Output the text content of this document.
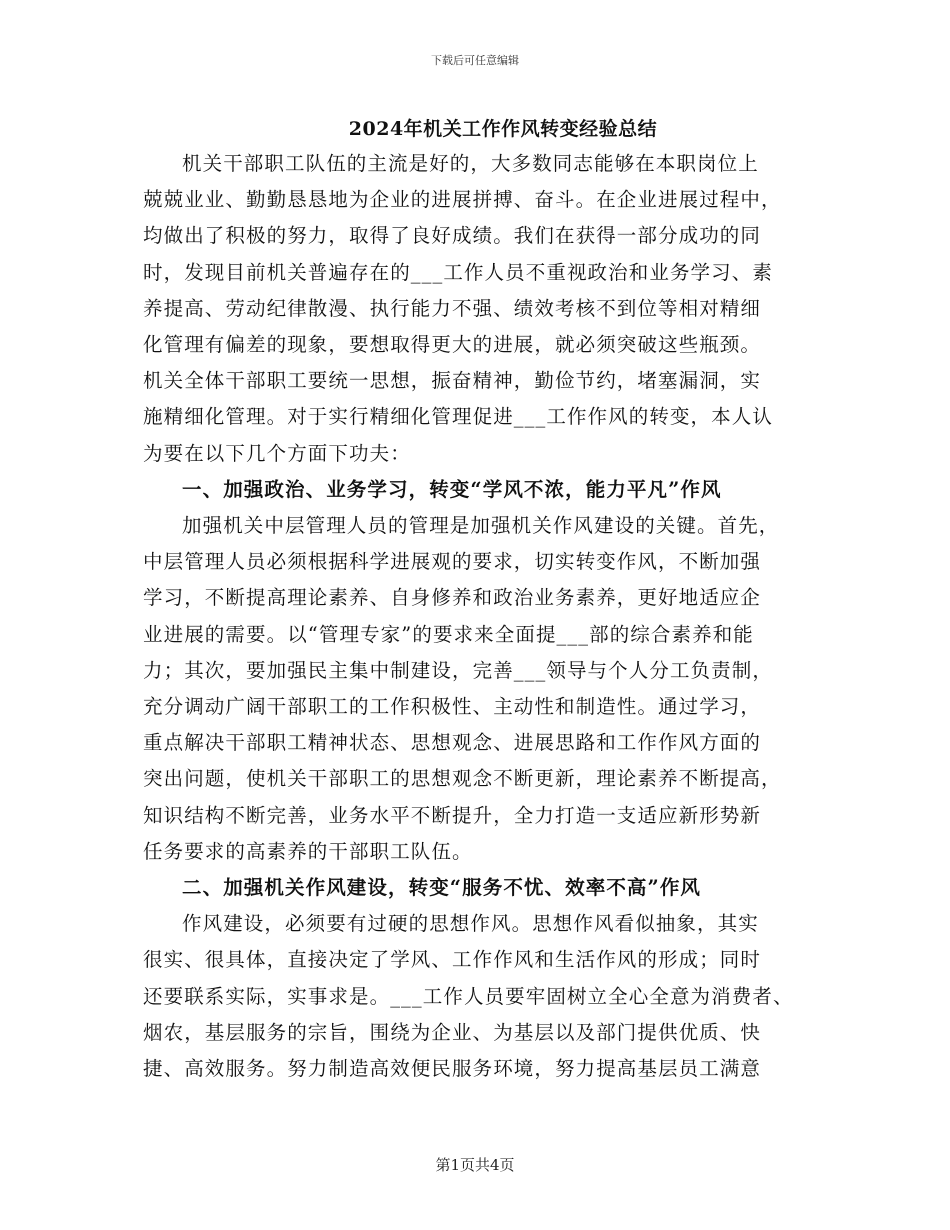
下载后可任意编辑
2024年机关工作作风转变经验总结
机关干部职工队伍的主流是好的，大多数同志能够在本职岗位上
兢兢业业、勤勤恳恳地为企业的进展拼搏、奋斗。在企业进展过程中，
均做出了积极的努力，取得了良好成绩。我们在获得一部分成功的同
时，发现目前机关普遍存在的___工作人员不重视政治和业务学习、素
养提高、劳动纪律散漫、执行能力不强、绩效考核不到位等相对精细
化管理有偏差的现象，要想取得更大的进展，就必须突破这些瓶颈。
机关全体干部职工要统一思想，振奋精神，勤俭节约，堵塞漏洞，实
施精细化管理。对于实行精细化管理促进___工作作风的转变，本人认
为要在以下几个方面下功夫：
一、加强政治、业务学习，转变“学风不浓，能力平凡”作风
加强机关中层管理人员的管理是加强机关作风建设的关键。首先，
中层管理人员必须根据科学进展观的要求，切实转变作风，不断加强
学习，不断提高理论素养、自身修养和政治业务素养，更好地适应企
业进展的需要。以“管理专家”的要求来全面提___部的综合素养和能
力；其次，要加强民主集中制建设，完善___领导与个人分工负责制，
充分调动广阔干部职工的工作积极性、主动性和制造性。通过学习，
重点解决干部职工精神状态、思想观念、进展思路和工作作风方面的
突出问题，使机关干部职工的思想观念不断更新，理论素养不断提高，
知识结构不断完善，业务水平不断提升，全力打造一支适应新形势新
任务要求的高素养的干部职工队伍。
二、加强机关作风建设，转变“服务不忧、效率不高”作风
作风建设，必须要有过硬的思想作风。思想作风看似抽象，其实
很实、很具体，直接决定了学风、工作作风和生活作风的形成；同时
还要联系实际，实事求是。___工作人员要牢固树立全心全意为消费者、
烟农，基层服务的宗旨，围绕为企业、为基层以及部门提供优质、快
捷、高效服务。努力制造高效便民服务环境，努力提高基层员工满意
第1页共4页
